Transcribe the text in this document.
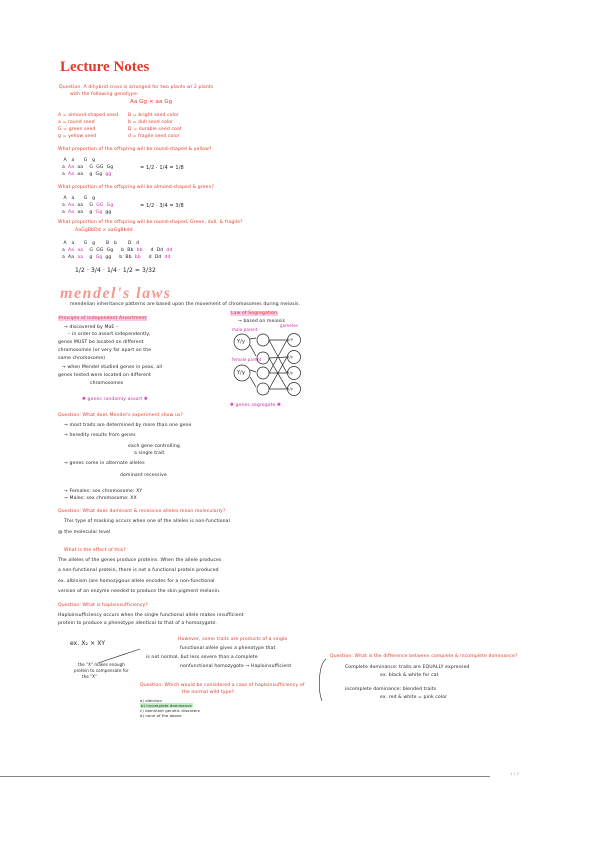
Lecture Notes
Question: A dihybrid cross is arranged for two plants w/ 2 plants
with the following genotype:
Aa Gg × aa Gg
A = almond-shaped seed
a = round seed
G = green seed
g = yellow seed
B = bright seed color
b = dull seed color
D = durable seed coat
d = fragile seed color
What proportion of the offspring will be round-shaped & yellow?
A   a      G   g
a  Aa  aa    G  GG  Gg
a  Aa  aa    g  Gg  gg
= 1/2 · 1/4 = 1/8
What proportion of the offspring will be almond-shaped & green?
A   a      G   g
a  Aa  aa    G  GG Gg
a  Aa  aa    g  Gg  gg
= 1/2 · 3/4 = 3/8
What proportion of the offspring will be round-shaped, Green, dull, & fragile?
AaGgBbDd × aaGgBbdd
A   a      G   g       B   b       D   d
a  Aa aa    G  GG  Gg     b  Bb  bb     d  Dd  dd
a  Aa  aa    g  Gg  gg     b  Bb  bb     d  Dd  dd
1/2 · 3/4 · 1/4 · 1/2 = 3/32
mendel's laws
mendelian inheritance patterns are based upon the movement of chromosomes during meiosis.
Principle of Independent Assortment
→ discovered by MoE –
– in order to assort independently,
genes MUST be located on different
chromosomes (or very far apart on the
same chromosome)
→ when Mendel studied genes in peas, all
genes tested were located on different
chromosomes
✱ genes randomly assort ✱
Law of Segregation
→ based on meiosis
male parent
female parent
gametes
Y/y
Y/y
Y/Y
Y/y
Y/y
y/y
✱ genes segregate ✱
Question: What does Mendel's experiment show us?
→ most traits are determined by more than one gene
→ heredity results from genes
each gene controlling
a single trait
→ genes come in alternate alleles
dominant recessive
→ Females: sex chromosome: XY
→ Males: sex chromosome: XX
Question: What does dominant & recessive alleles mean molecularly?
This type of masking occurs when one of the alleles is non-functional
@ the molecular level
What is the effect of this?
The alleles of the genes produce proteins. When the allele produces
a non-functional protein, there is not a functional protein produced
ex. albinism (are homozygous allele encodes for a non-functional
version of an enzyme needed to produce the skin pigment melanin.
Question: What is haploinsufficiency?
Haploinsufficiency occurs when the single functional allele makes insufficient
protein to produce a phenotype identical to that of a homozygote.
ex. X₂ × XY
the "X" makes enough
protein to compensate for
the "X"
However, some traits are products of a single
functional allele gives a phenotype that
is not normal, but less severe than a complete
nonfunctional homozygote → Haploinsufficient
Question: Which would be considered a case of haploinsufficiency of
the normal wild type?
a) albinism
b) incomplete dominance
c) dominant genetic disorders
d) none of the above
Question: What is the difference between complete & incomplete dominance?
Complete dominance: traits are EQUALLY expressed
ex. black & white for cat
incomplete dominance: blended traits
ex. red & white = pink color
1 / 2
